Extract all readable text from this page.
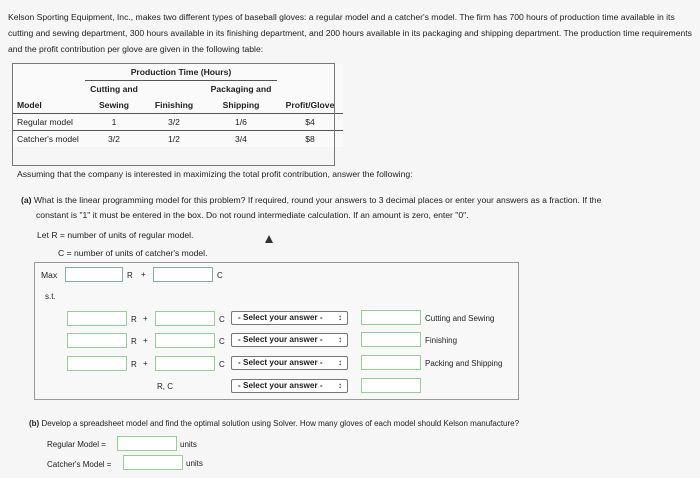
Kelson Sporting Equipment, Inc., makes two different types of baseball gloves: a regular model and a catcher's model. The firm has 700 hours of production time available in its cutting and sewing department, 300 hours available in its finishing department, and 200 hours available in its packaging and shipping department. The production time requirements and the profit contribution per glove are given in the following table:
	Production Time (Hours)			
	Cutting and		Packaging and	
Model	Sewing	Finishing	Shipping	Profit/Glove
Regular model	1	3/2	1/6	$4
Catcher's model	3/2	1/2	3/4	$8
Assuming that the company is interested in maximizing the total profit contribution, answer the following:
(a) What is the linear programming model for this problem? If required, round your answers to 3 decimal places or enter your answers as a fraction. If the
constant is "1" it must be entered in the box. Do not round intermediate calculation. If an amount is zero, enter "0".
Let R = number of units of regular model.
C = number of units of catcher's model.
Max	R +	C
s.t.
R +	C	- Select your answer - ↕	Cutting and Sewing
R +	C	- Select your answer - ↕	Finishing
R +	C	- Select your answer - ↕	Packing and Shipping
R, C	- Select your answer - ↕
(b) Develop a spreadsheet model and find the optimal solution using Solver. How many gloves of each model should Kelson manufacture?
Regular Model =	units
Catcher's Model =	units
